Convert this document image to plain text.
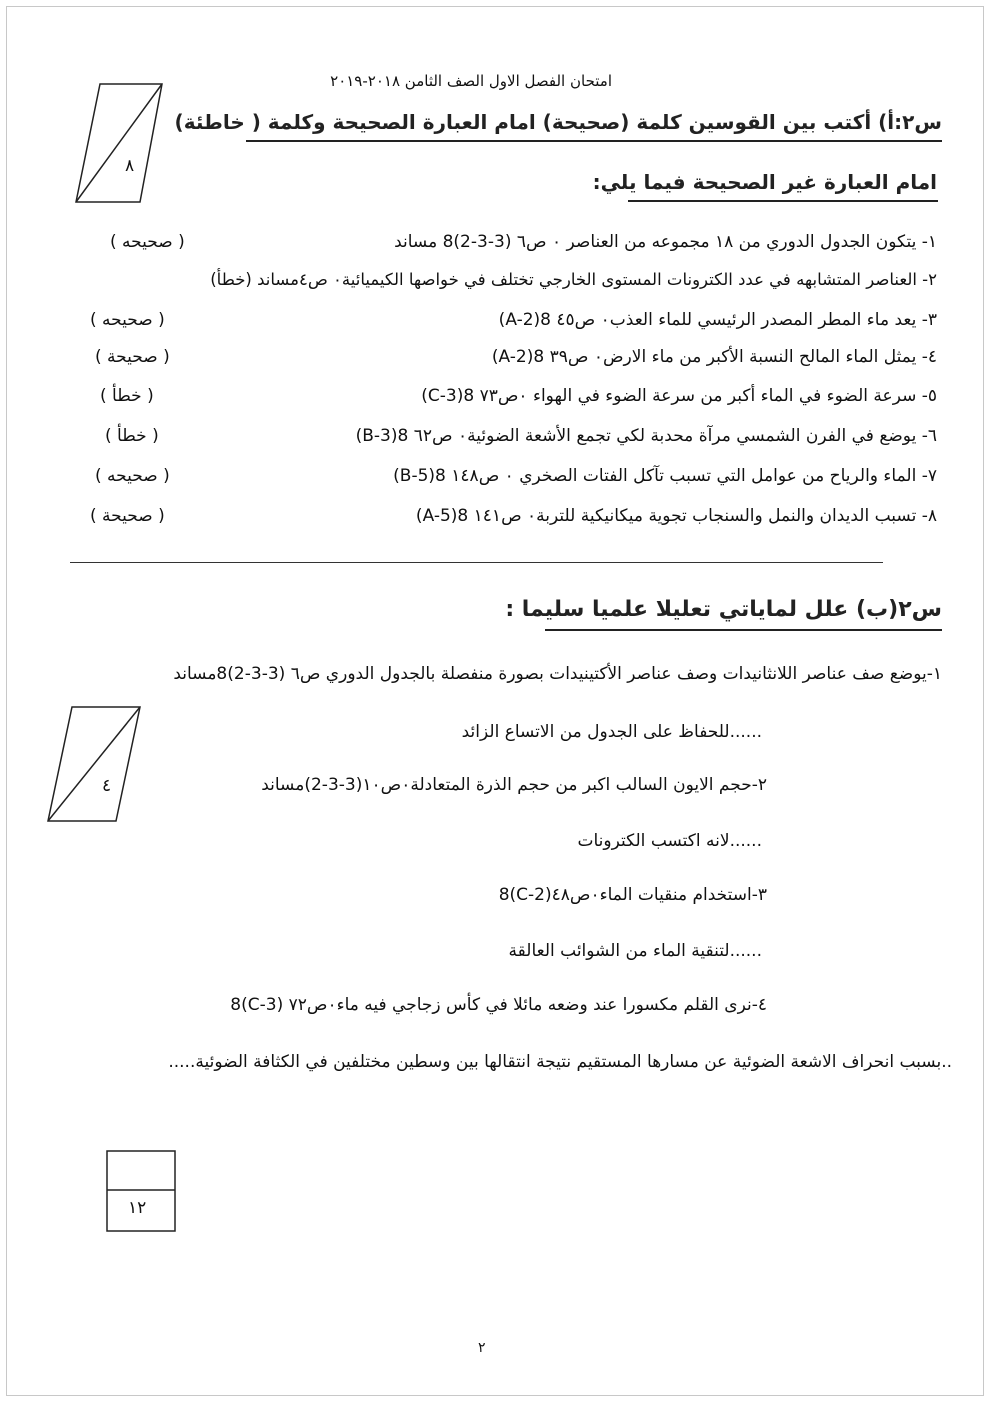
٨
امتحان الفصل الاول الصف الثامن ٢٠١٨-٢٠١٩
س٢:أ) أكتب بين القوسين كلمة (صحيحة) امام العبارة الصحيحة وكلمة ( خاطئة)
امام العبارة غير الصحيحة فيما يلي:
١- يتكون الجدول الدوري من ١٨ مجموعه من العناصر ٠ ص٦ (3-3-2)8 مساند
( صحيحه )
٢- العناصر المتشابهه في عدد الكترونات المستوى الخارجي تختلف في خواصها الكيميائية٠ ص٤مساند (خطأ)
٣- يعد ماء المطر المصدر الرئيسي للماء العذب٠ ص٤٥ 8(A-2)
( صحيحه )
٤- يمثل الماء المالح النسبة الأكبر من ماء الارض٠ ص٣٩ 8(A-2)
( صحيحة )
٥- سرعة الضوء في الماء أكبر من سرعة الضوء في الهواء ٠ص٧٣ 8(C-3)
( خطأ )
٦- يوضع في الفرن الشمسي مرآة محدبة لكي تجمع الأشعة الضوئية٠ ص٦٢ 8(B-3)
( خطأ )
٧- الماء والرياح من عوامل التي تسبب تآكل الفتات الصخري ٠ ص١٤٨ 8(B-5)
( صحيحه )
٨- تسبب الديدان والنمل والسنجاب تجوية ميكانيكية للتربة٠ ص١٤١ 8(A-5)
( صحيحة )
س٢(ب) علل لماياتي تعليلا علميا سليما :
٤
١-يوضع صف عناصر اللانثانيدات وصف عناصر الأكتينيدات بصورة منفصلة بالجدول الدوري ص٦ (3-3-2)8مساند
......للحفاظ على الجدول من الاتساع الزائد
٢-حجم الايون السالب اكبر من حجم الذرة المتعادلة٠ص١٠(3-3-2)مساند
......لانه اكتسب الكترونات
٣-استخدام منقيات الماء٠ص٤٨(C-2)8
......لتنقية الماء من الشوائب العالقة
٤-نرى القلم مكسورا عند وضعه مائلا في كأس زجاجي فيه ماء٠ص٧٢ (C-3)8
..بسبب انحراف الاشعة الضوئية عن مسارها المستقيم نتيجة انتقالها بين وسطين مختلفين في الكثافة الضوئية.....
١٢
٢
